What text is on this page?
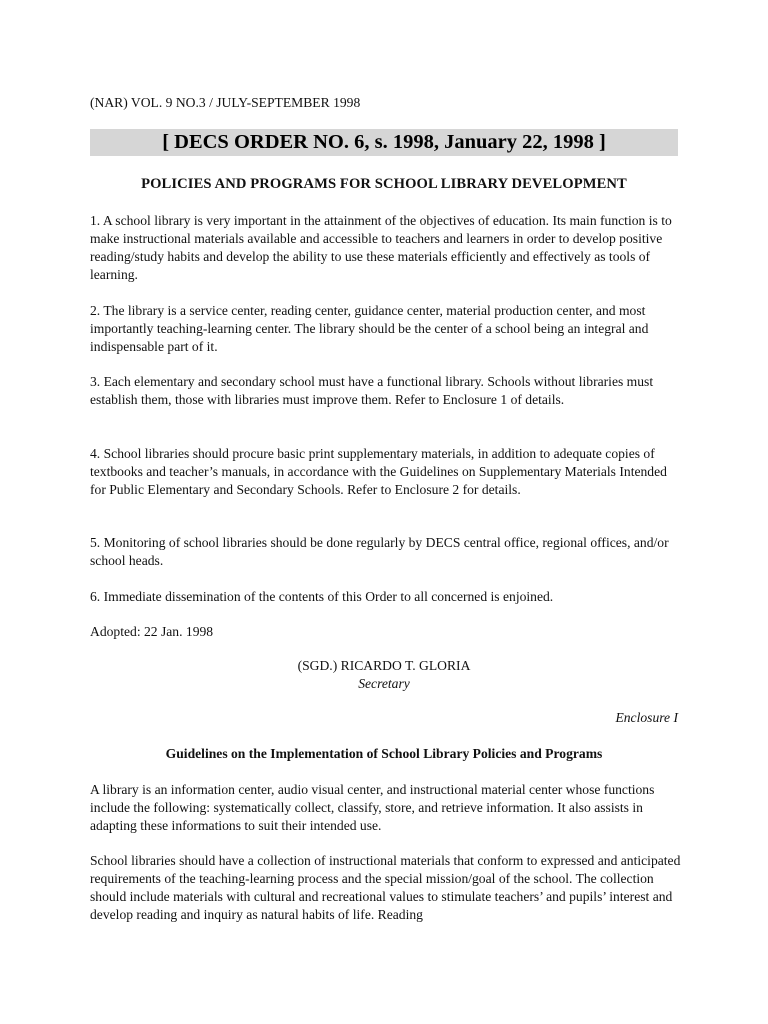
(NAR) VOL. 9 NO.3 / JULY-SEPTEMBER 1998
[ DECS ORDER NO. 6, s. 1998, January 22, 1998 ]
POLICIES AND PROGRAMS FOR SCHOOL LIBRARY DEVELOPMENT
1. A school library is very important in the attainment of the objectives of education. Its main function is to make instructional materials available and accessible to teachers and learners in order to develop positive reading/study habits and develop the ability to use these materials efficiently and effectively as tools of learning.
2. The library is a service center, reading center, guidance center, material production center, and most importantly teaching-learning center. The library should be the center of a school being an integral and indispensable part of it.
3. Each elementary and secondary school must have a functional library. Schools without libraries must establish them, those with libraries must improve them. Refer to Enclosure 1 of details.
4. School libraries should procure basic print supplementary materials, in addition to adequate copies of textbooks and teacher’s manuals, in accordance with the Guidelines on Supplementary Materials Intended for Public Elementary and Secondary Schools. Refer to Enclosure 2 for details.
5. Monitoring of school libraries should be done regularly by DECS central office, regional offices, and/or school heads.
6. Immediate dissemination of the contents of this Order to all concerned is enjoined.
Adopted: 22 Jan. 1998
(SGD.) RICARDO T. GLORIA
Secretary
Enclosure I
Guidelines on the Implementation of School Library Policies and Programs
A library is an information center, audio visual center, and instructional material center whose functions include the following: systematically collect, classify, store, and retrieve information. It also assists in adapting these informations to suit their intended use.
School libraries should have a collection of instructional materials that conform to expressed and anticipated requirements of the teaching-learning process and the special mission/goal of the school. The collection should include materials with cultural and recreational values to stimulate teachers’ and pupils’ interest and develop reading and inquiry as natural habits of life. Reading
